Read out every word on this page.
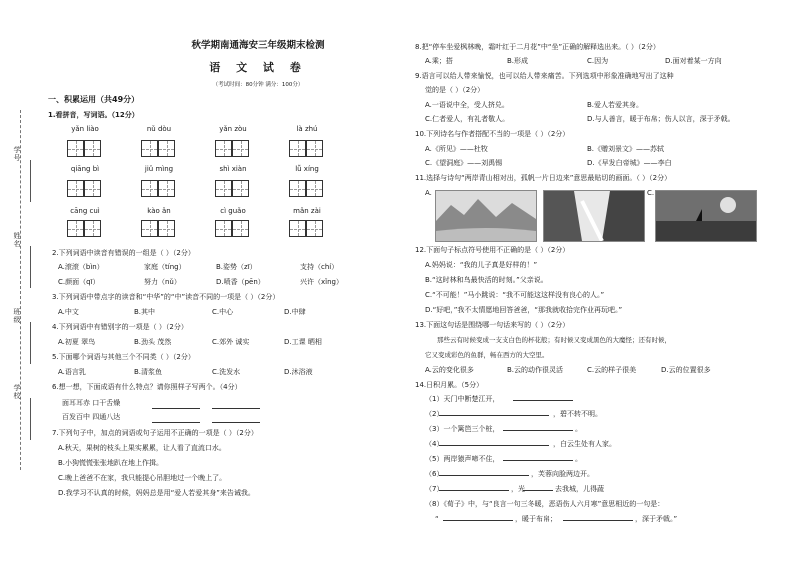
学号
姓名
班级
学校
秋学期南通海安三年级期末检测
语 文 试 卷
（考试时间：80分钟 满分：100分）
一、积累运用（共49分）
1.看拼音，写词语。（12分）
yǎn liào	nǔ dòu	yǎn zòu	là zhú
qiāng bì	jiǔ mìng	shì xiàn	lǚ xíng
cāng cuì	kào ǎn	cì guǎo	mǎn zài
2.下列词语中读音有错误的一组是（ ）（2分）
A.滚滚（bìn）	家庭（tíng）	B.姿势（zī）	支持（chí）
C.颜面（qī）	努力（nǔ）	D.喷香（pēn）	兴许（xǐng）
3.下列词语中带点字的读音和“中华”的“中”读音不同的一项是（ ）（2分）
A.中文	B.其中	C.中心	D.中肆
4.下列词语中有错别字的一项是（ ）（2分）
A.初夏 翠鸟	B.劲头 茂然	C.郊外 诚实	D.工课 晒相
5.下面哪个词语与其他三个不同类（ ）（2分）
A.语言乳	B.清浆鱼	C.洗发水	D.沐浴液
6.想一想，下面成语有什么特点？请你照样子写两个。（4分）
面耳耳赤 口干舌燥
百发百中 四通八达
7.下列句子中，加点的词语或句子运用不正确的一项是（ ）（2分）
A.秋天，果树的枝头上果实累累，让人看了直流口水。
B.小狗慌慌张张地趴在地上作揖。
C.晚上爸爸不在家，我只能提心吊胆地过一个晚上了。
D.我学习不认真的时候，妈妈总是用“爱人若爱其身”来告诫我。
8.把“停车坐爱枫林晚，霜叶红于二月花”中“坐”正确的解释选出来。（ ）（2分）
A.乘；搭	B.形成	C.因为	D.面对着某一方向
9.语言可以给人带来愉悦，也可以给人带来痛苦。下列选项中形象准确地写出了这种
觉的是（ ）（2分）
A.一语说中全，受人挤兑。	B.爱人若爱其身。
C.仁者爱人，有礼者敬人。	D.与人善言，暖于布帛；伤人以言，深于矛戟。
10.下列诗名与作者搭配不当的一项是（ ）（2分）
A.《所见》——杜牧	B.《赠刘景文》——苏轼
C.《望洞庭》——刘禹锡	D.《早发白帝城》——李白
11.选择与诗句“两岸青山相对出，孤帆一片日边来”意思最贴切的画面。（ ）（2分）
A.	C.
12.下面句子标点符号使用不正确的是（ ）（2分）
A.妈妈说：“我的儿子真是好样的！”
B.“这时林和鸟最快活的时刻。”父亲说。
C.“不可能！”马小跳说：“我不可能这这样没有良心的人。”
D.“好吧，”我不太情愿地回答爸爸，“那我就收拾完作业再玩吧。”
13.下面这句话是围绕哪一句话来写的（ ）（2分）
那些云有时候变成一支支白色的杯花般；有时候又变成黑色的大魔怪；还有时候，
它又变成彩色的鱼群，畅在西方的大空里。
A.云的变化很多	B.云的动作很灵活	C.云的样子很美	D.云的位置很多
14.日积月累。（5分）
（1）天门中断楚江开，
（2）	，碧不转不明。
（3）一个篱笆三个桩，	。
（4）	，白云生处有人家。
（5）两岸猿声啼不住，	。
（6）	，芙蓉向脸两边开。
（7）	，光	去我城，儿得蔬
（8）《荀子》中，与“良言一句三冬暖，恶语伤人六月寒”意思相近的一句是：
“	，暖于布帛；	，深于矛戟。”
